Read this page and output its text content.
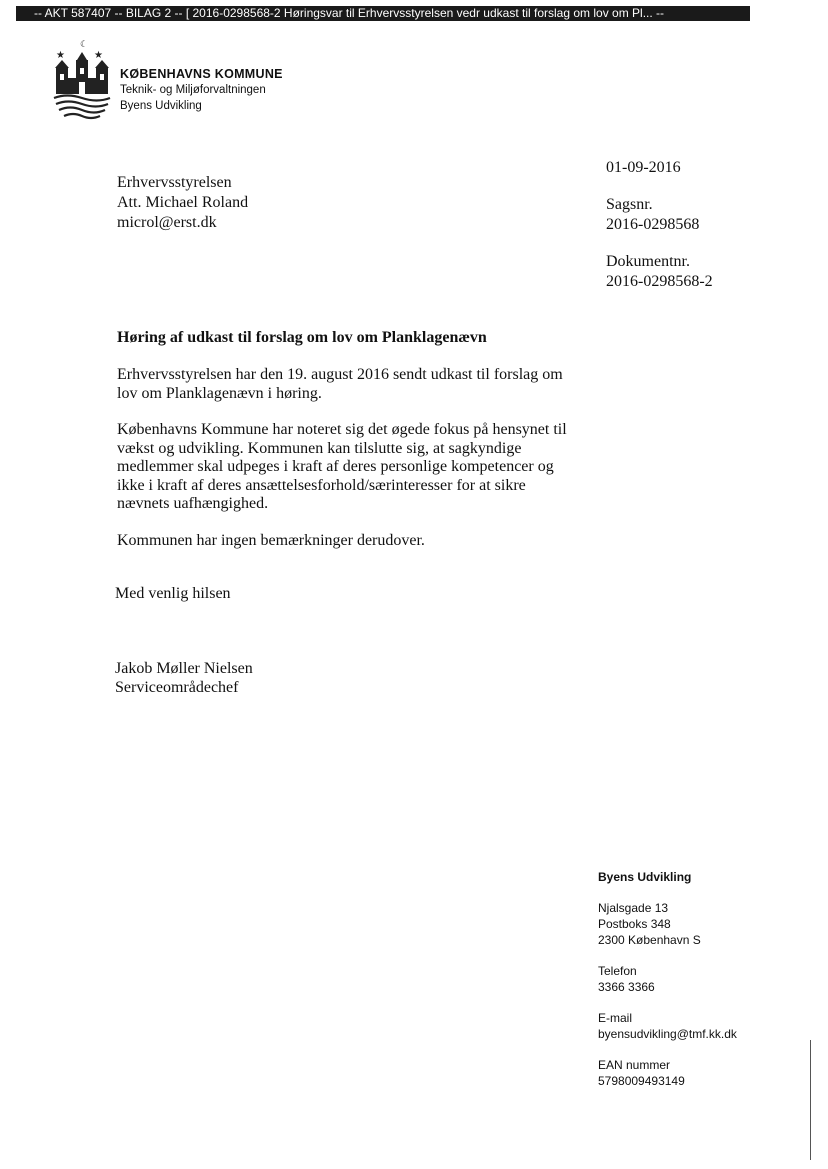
-- AKT 587407 -- BILAG 2 -- [ 2016-0298568-2 Høringsvar til Erhvervsstyrelsen vedr udkast til forslag om lov om Pl... --
☾
★	★
KØBENHAVNS KOMMUNE
Teknik- og Miljøforvaltningen
Byens Udvikling
Erhvervsstyrelsen
Att. Michael Roland
microl@erst.dk
01-09-2016
Sagsnr.
2016-0298568
Dokumentnr.
2016-0298568-2
Høring af udkast til forslag om lov om Planklagenævn

Erhvervsstyrelsen har den 19. august 2016 sendt udkast til forslag om lov om Planklagenævn i høring.

Københavns Kommune har noteret sig det øgede fokus på hensynet til vækst og udvikling. Kommunen kan tilslutte sig, at sagkyndige medlemmer skal udpeges i kraft af deres personlige kompetencer og ikke i kraft af deres ansættelsesforhold/særinteresser for at sikre nævnets uafhængighed.

Kommunen har ingen bemærkninger derudover.

Med venlig hilsen
Jakob Møller Nielsen
Serviceområdechef
Byens Udvikling
Njalsgade 13
Postboks 348
2300 København S
Telefon
3366 3366
E-mail
byensudvikling@tmf.kk.dk
EAN nummer
5798009493149
